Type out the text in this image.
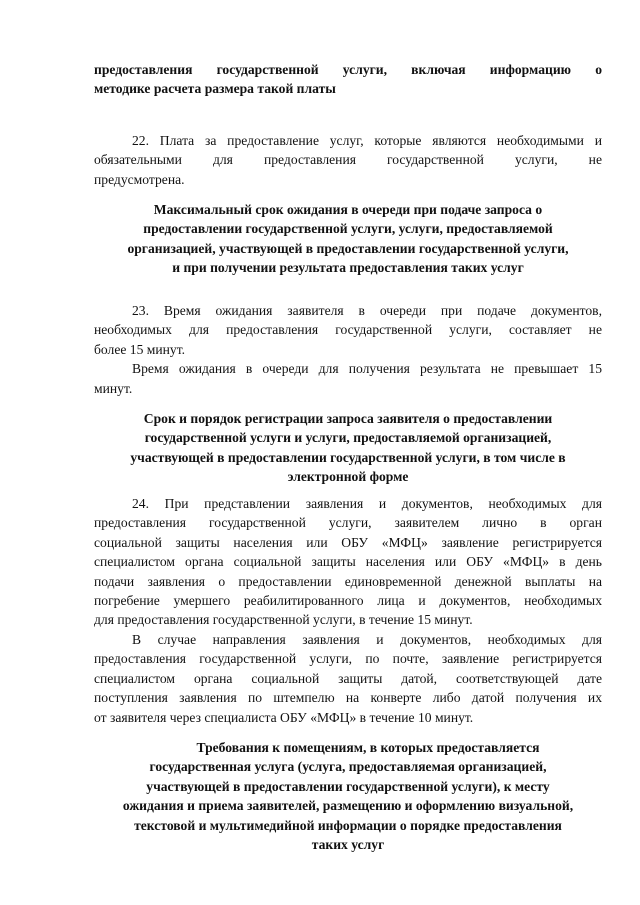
предоставления государственной услуги, включая информацию о

методике расчета размера такой платы

22. Плата за предоставление услуг, которые являются необходимыми и

обязательными для предоставления государственной услуги, не

предусмотрена.

Максимальный срок ожидания в очереди при подаче запроса о

предоставлении государственной услуги, услуги, предоставляемой

организацией, участвующей в предоставлении государственной услуги,

и при получении результата предоставления таких услуг

23. Время ожидания заявителя в очереди при подаче документов,

необходимых для предоставления государственной услуги, составляет не

более 15 минут.

Время ожидания в очереди для получения результата не превышает 15

минут.

Срок и порядок регистрации запроса заявителя о предоставлении

государственной услуги и услуги, предоставляемой организацией,

участвующей в предоставлении государственной услуги, в том числе в

электронной форме

24. При представлении заявления и документов, необходимых для

предоставления государственной услуги, заявителем лично в орган

социальной защиты населения или ОБУ «МФЦ» заявление регистрируется

специалистом органа социальной защиты населения или ОБУ «МФЦ» в день

подачи заявления о предоставлении единовременной денежной выплаты на

погребение умершего реабилитированного лица и документов, необходимых

для предоставления государственной услуги, в течение 15 минут.

В случае направления заявления и документов, необходимых для

предоставления государственной услуги, по почте, заявление регистрируется

специалистом органа социальной защиты датой, соответствующей дате

поступления заявления по штемпелю на конверте либо датой получения их

от заявителя через специалиста ОБУ «МФЦ» в течение 10 минут.

Требования к помещениям, в которых предоставляется

государственная услуга (услуга, предоставляемая организацией,

участвующей в предоставлении государственной услуги), к месту

ожидания и приема заявителей, размещению и оформлению визуальной,

текстовой и мультимедийной информации о порядке предоставления

таких услуг
